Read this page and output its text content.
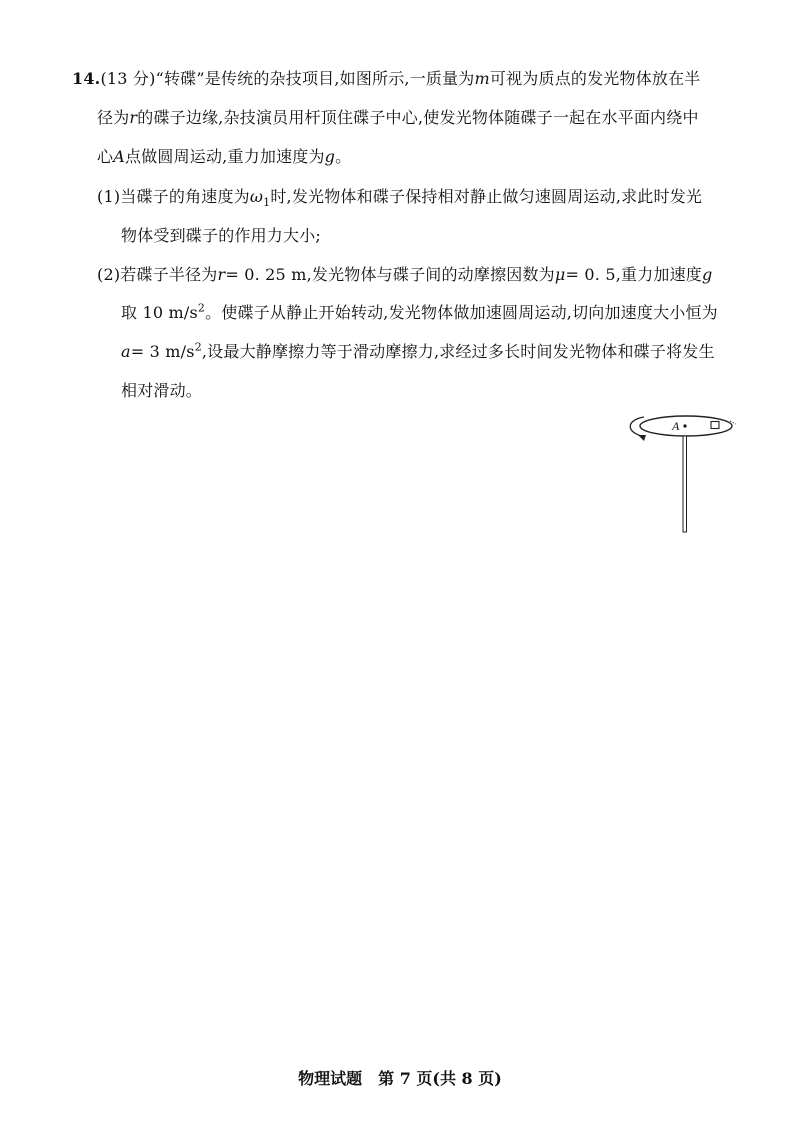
14.(13 分)“转碟”是传统的杂技项目,如图所示,一质量为m可视为质点的发光物体放在半
径为r的碟子边缘,杂技演员用杆顶住碟子中心,使发光物体随碟子一起在水平面内绕中
心A点做圆周运动,重力加速度为g。
(1)当碟子的角速度为$\omega_1$时,发光物体和碟子保持相对静止做匀速圆周运动,求此时发光
物体受到碟子的作用力大小;
(2)若碟子半径为r= 0. 25 m,发光物体与碟子间的动摩擦因数为μ= 0. 5,重力加速度g
取 10 $m/s^2$。使碟子从静止开始转动,发光物体做加速圆周运动,切向加速度大小恒为
a= 3 $m/s^2$,设最大静摩擦力等于滑动摩擦力,求经过多长时间发光物体和碟子将发生
相对滑动。
A
物理试题　第 7 页(共 8 页)
